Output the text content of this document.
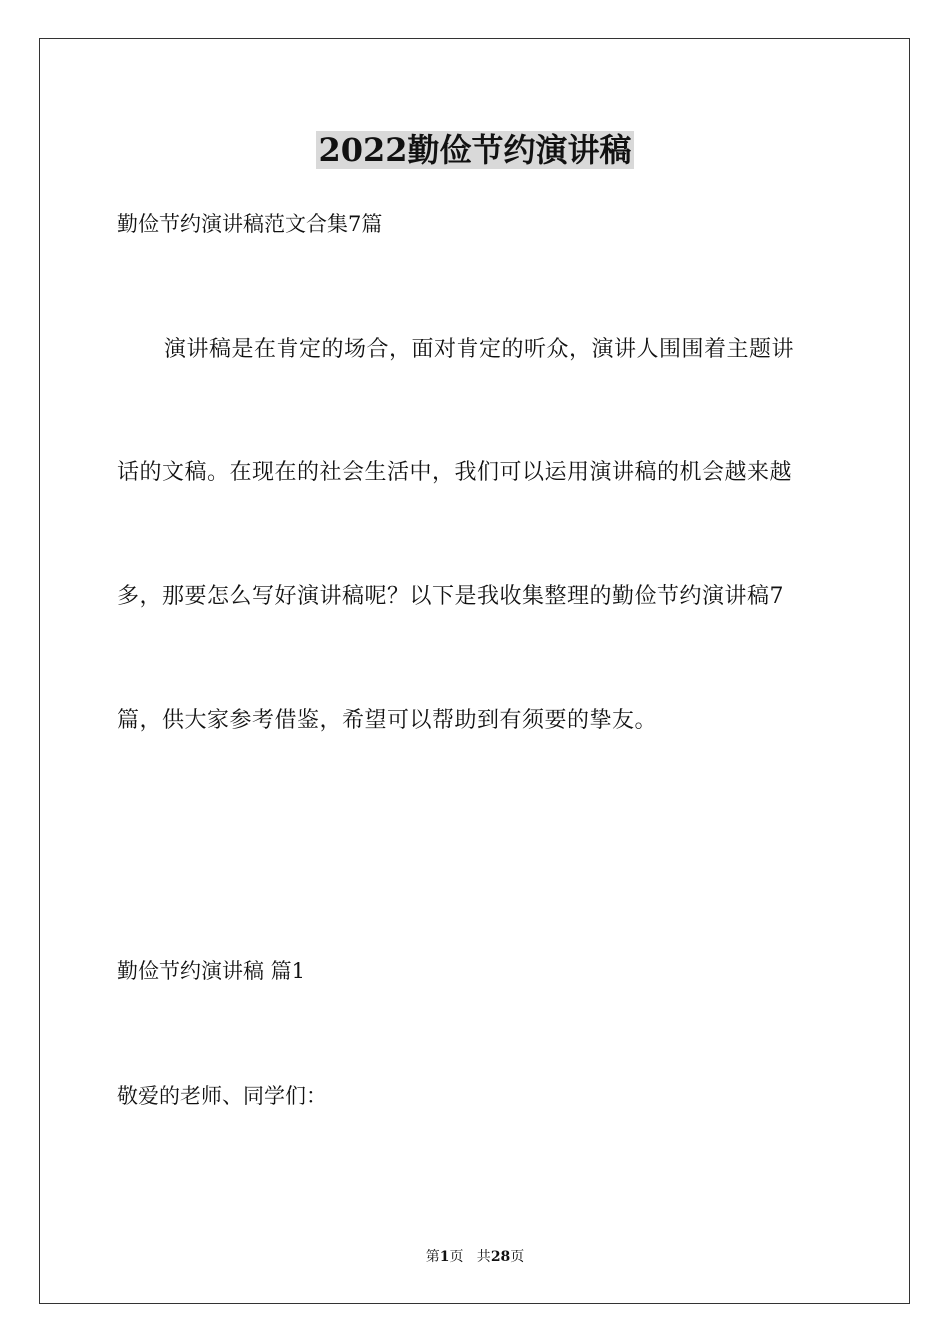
2022勤俭节约演讲稿
勤俭节约演讲稿范文合集7篇
演讲稿是在肯定的场合，面对肯定的听众，演讲人围围着主题讲
话的文稿。在现在的社会生活中，我们可以运用演讲稿的机会越来越
多，那要怎么写好演讲稿呢？以下是我收集整理的勤俭节约演讲稿7
篇，供大家参考借鉴，希望可以帮助到有须要的挚友。
勤俭节约演讲稿 篇1
敬爱的老师、同学们：
第1页   共28页
